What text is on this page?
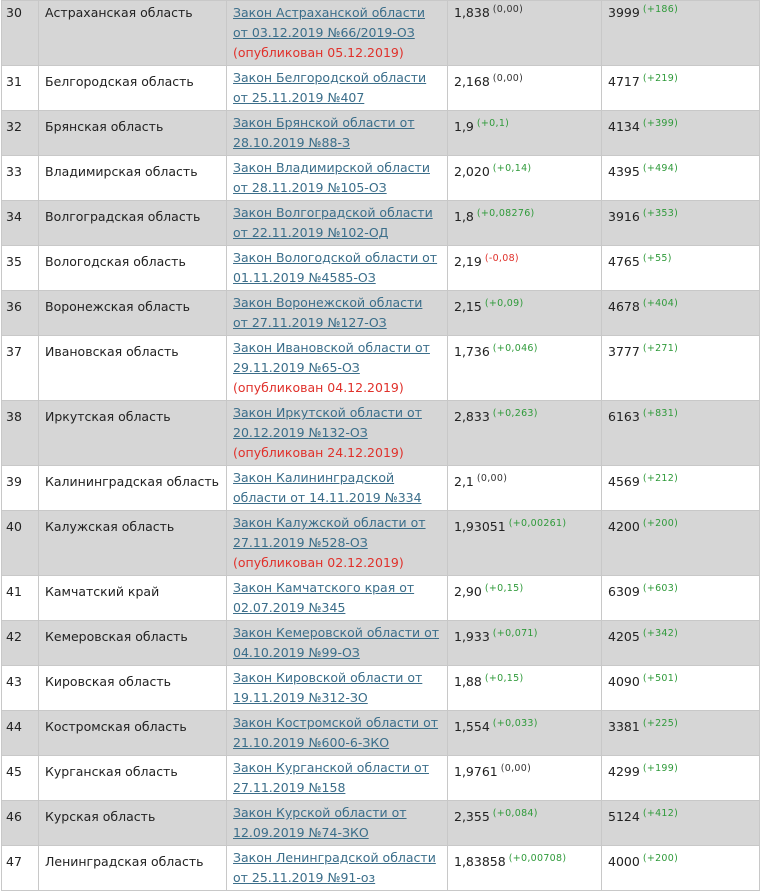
30	Астраханская область	Закон Астраханской области от 03.12.2019 №66/2019-ОЗ (опубликован 05.12.2019)	1,838 $^{(0,00)}$	3999 $^{(+186)}$
31	Белгородская область	Закон Белгородской области от 25.11.2019 №407	2,168 $^{(0,00)}$	4717 $^{(+219)}$
32	Брянская область	Закон Брянской области от 28.10.2019 №88-З	1,9 $^{(+0,1)}$	4134 $^{(+399)}$
33	Владимирская область	Закон Владимирской области от 28.11.2019 №105-ОЗ	2,020 $^{(+0,14)}$	4395 $^{(+494)}$
34	Волгоградская область	Закон Волгоградской области от 22.11.2019 №102-ОД	1,8 $^{(+0,08276)}$	3916 $^{(+353)}$
35	Вологодская область	Закон Вологодской области от 01.11.2019 №4585-ОЗ	2,19 $^{(-0,08)}$	4765 $^{(+55)}$
36	Воронежская область	Закон Воронежской области от 27.11.2019 №127-ОЗ	2,15 $^{(+0,09)}$	4678 $^{(+404)}$
37	Ивановская область	Закон Ивановской области от 29.11.2019 №65-ОЗ (опубликован 04.12.2019)	1,736 $^{(+0,046)}$	3777 $^{(+271)}$
38	Иркутская область	Закон Иркутской области от 20.12.2019 №132-ОЗ (опубликован 24.12.2019)	2,833 $^{(+0,263)}$	6163 $^{(+831)}$
39	Калининградская область	Закон Калининградской области от 14.11.2019 №334	2,1 $^{(0,00)}$	4569 $^{(+212)}$
40	Калужская область	Закон Калужской области от 27.11.2019 №528-ОЗ (опубликован 02.12.2019)	1,93051 $^{(+0,00261)}$	4200 $^{(+200)}$
41	Камчатский край	Закон Камчатского края от 02.07.2019 №345	2,90 $^{(+0,15)}$	6309 $^{(+603)}$
42	Кемеровская область	Закон Кемеровской области от 04.10.2019 №99-ОЗ	1,933 $^{(+0,071)}$	4205 $^{(+342)}$
43	Кировская область	Закон Кировской области от 19.11.2019 №312-ЗО	1,88 $^{(+0,15)}$	4090 $^{(+501)}$
44	Костромская область	Закон Костромской области от 21.10.2019 №600-6-ЗКО	1,554 $^{(+0,033)}$	3381 $^{(+225)}$
45	Курганская область	Закон Курганской области от 27.11.2019 №158	1,9761 $^{(0,00)}$	4299 $^{(+199)}$
46	Курская область	Закон Курской области от 12.09.2019 №74-ЗКО	2,355 $^{(+0,084)}$	5124 $^{(+412)}$
47	Ленинградская область	Закон Ленинградской области от 25.11.2019 №91-оз	1,83858 $^{(+0,00708)}$	4000 $^{(+200)}$
